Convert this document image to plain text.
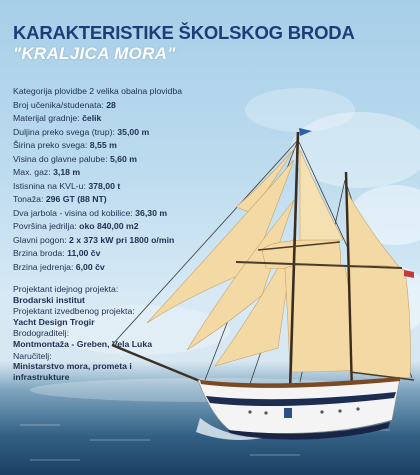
KARAKTERISTIKE ŠKOLSKOG BRODA
"KRALJICA MORA"
Kategorija plovidbe 2 velika obalna plovidba
Broj učenika/studenata: 28
Materijal gradnje: čelik
Duljina preko svega (trup): 35,00 m
Širina preko svega: 8,55 m
Visina do glavne palube: 5,60 m
Max. gaz: 3,18 m
Istisnina na KVL-u: 378,00 t
Tonaža: 296 GT (88 NT)
Dva jarbola - visina od kobilice: 36,30 m
Površina jedrilja: oko 840,00 m2
Glavni pogon: 2 x 373 kW pri 1800 o/min
Brzina broda: 11,00 čv
Brzina jedrenja: 6,00 čv
Projektant idejnog projekta:
Brodarski institut
Projektant izvedbenog projekta:
Yacht Design Trogir
Brodograditelj:
Montmontaža - Greben, Vela Luka
Naručitelj:
Ministarstvo mora, prometa i infrastrukture
